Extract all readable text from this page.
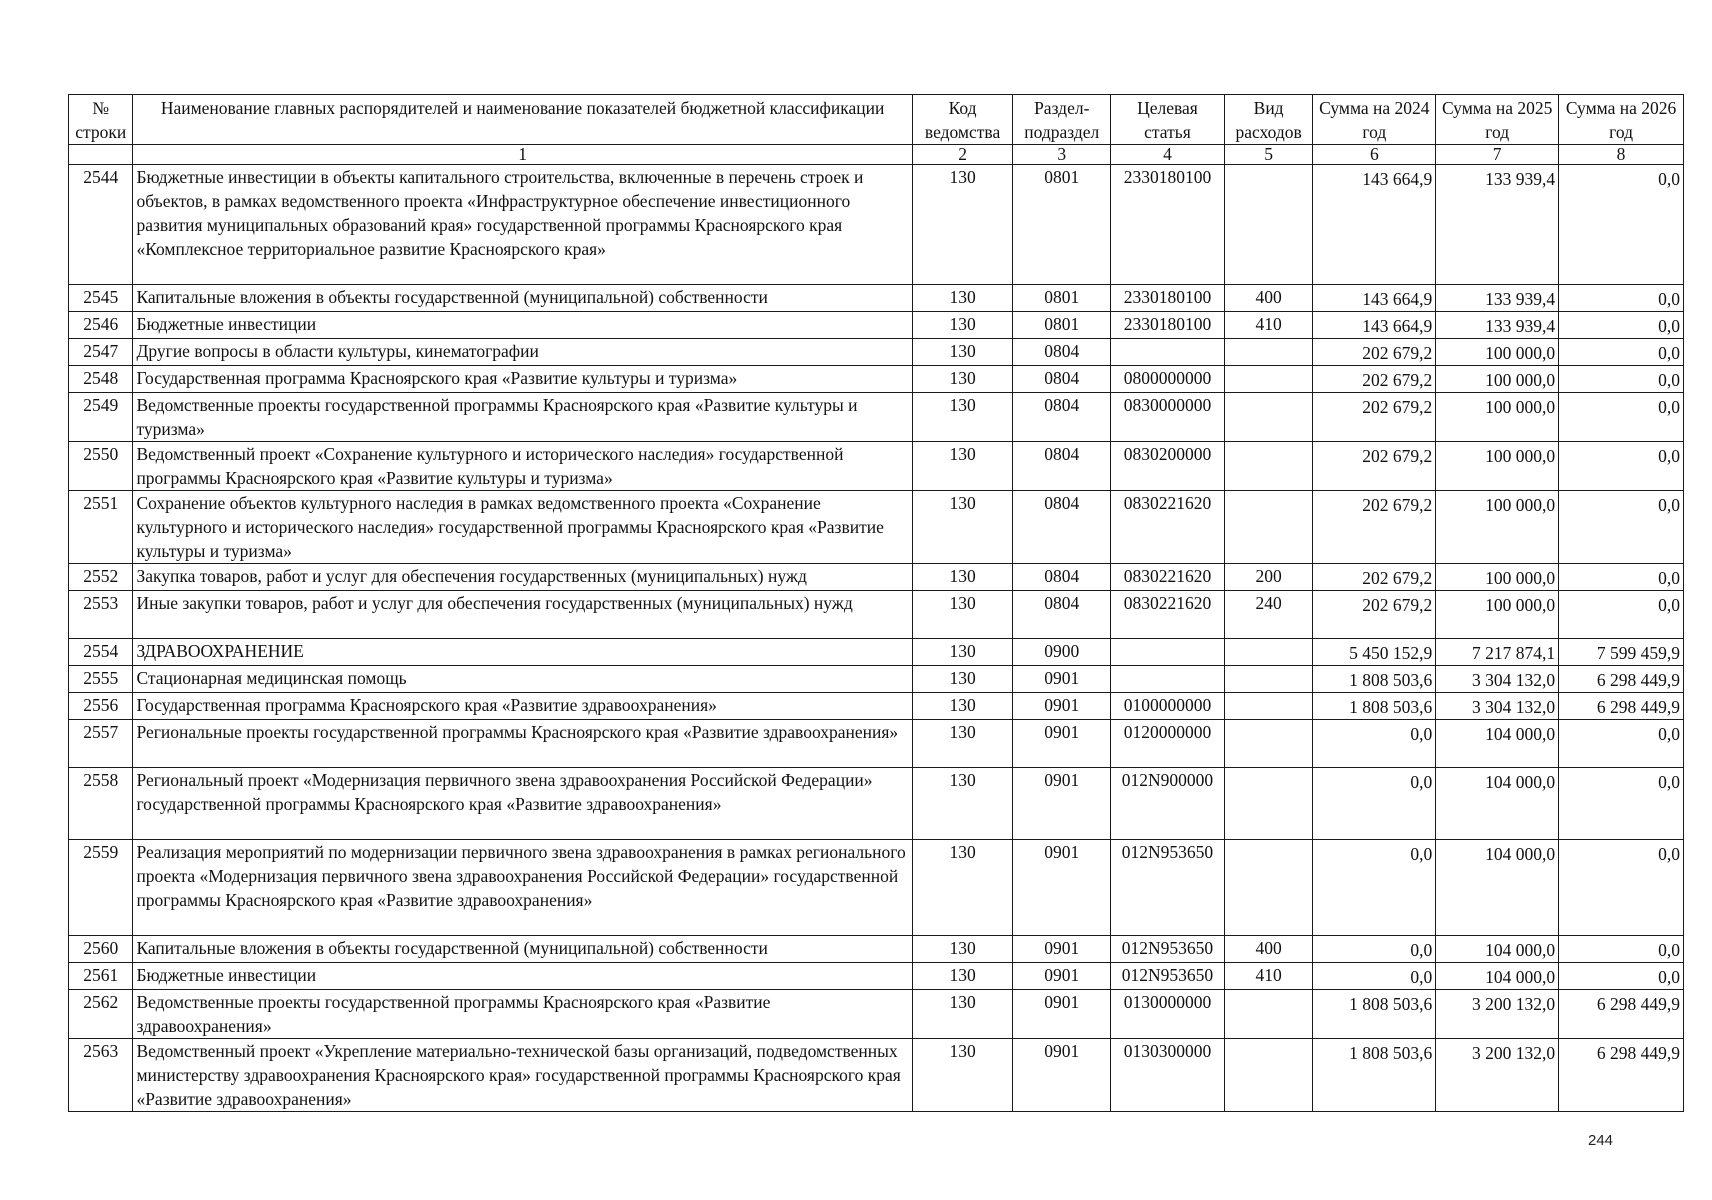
№ строки	Наименование главных распорядителей и наименование показателей бюджетной классификации	Код ведомства	Раздел-подраздел	Целевая статья	Вид расходов	Сумма на 2024 год	Сумма на 2025 год	Сумма на 2026 год
	1	2	3	4	5	6	7	8
2544	Бюджетные инвестиции в объекты капитального строительства, включенные в перечень строек и объектов, в рамках ведомственного проекта «Инфраструктурное обеспечение инвестиционного развития муниципальных образований края» государственной программы Красноярского края «Комплексное территориальное развитие Красноярского края»	130	0801	2330180100		143 664,9	133 939,4	0,0
2545	Капитальные вложения в объекты государственной (муниципальной) собственности	130	0801	2330180100	400	143 664,9	133 939,4	0,0
2546	Бюджетные инвестиции	130	0801	2330180100	410	143 664,9	133 939,4	0,0
2547	Другие вопросы в области культуры, кинематографии	130	0804			202 679,2	100 000,0	0,0
2548	Государственная программа Красноярского края «Развитие культуры и туризма»	130	0804	0800000000		202 679,2	100 000,0	0,0
2549	Ведомственные проекты государственной программы Красноярского края «Развитие культуры и туризма»	130	0804	0830000000		202 679,2	100 000,0	0,0
2550	Ведомственный проект «Сохранение культурного и исторического наследия» государственной программы Красноярского края «Развитие культуры и туризма»	130	0804	0830200000		202 679,2	100 000,0	0,0
2551	Сохранение объектов культурного наследия в рамках ведомственного проекта «Сохранение культурного и исторического наследия» государственной программы Красноярского края «Развитие культуры и туризма»	130	0804	0830221620		202 679,2	100 000,0	0,0
2552	Закупка товаров, работ и услуг для обеспечения государственных (муниципальных) нужд	130	0804	0830221620	200	202 679,2	100 000,0	0,0
2553	Иные закупки товаров, работ и услуг для обеспечения государственных (муниципальных) нужд	130	0804	0830221620	240	202 679,2	100 000,0	0,0
2554	ЗДРАВООХРАНЕНИЕ	130	0900			5 450 152,9	7 217 874,1	7 599 459,9
2555	Стационарная медицинская помощь	130	0901			1 808 503,6	3 304 132,0	6 298 449,9
2556	Государственная программа Красноярского края «Развитие здравоохранения»	130	0901	0100000000		1 808 503,6	3 304 132,0	6 298 449,9
2557	Региональные проекты государственной программы Красноярского края «Развитие здравоохранения»	130	0901	0120000000		0,0	104 000,0	0,0
2558	Региональный проект «Модернизация первичного звена здравоохранения Российской Федерации» государственной программы Красноярского края «Развитие здравоохранения»	130	0901	012N900000		0,0	104 000,0	0,0
2559	Реализация мероприятий по модернизации первичного звена здравоохранения в рамках регионального проекта «Модернизация первичного звена здравоохранения Российской Федерации» государственной программы Красноярского края «Развитие здравоохранения»	130	0901	012N953650		0,0	104 000,0	0,0
2560	Капитальные вложения в объекты государственной (муниципальной) собственности	130	0901	012N953650	400	0,0	104 000,0	0,0
2561	Бюджетные инвестиции	130	0901	012N953650	410	0,0	104 000,0	0,0
2562	Ведомственные проекты государственной программы Красноярского края «Развитие здравоохранения»	130	0901	0130000000		1 808 503,6	3 200 132,0	6 298 449,9
2563	Ведомственный проект «Укрепление материально-технической базы организаций, подведомственных министерству здравоохранения Красноярского края» государственной программы Красноярского края «Развитие здравоохранения»	130	0901	0130300000		1 808 503,6	3 200 132,0	6 298 449,9
244
